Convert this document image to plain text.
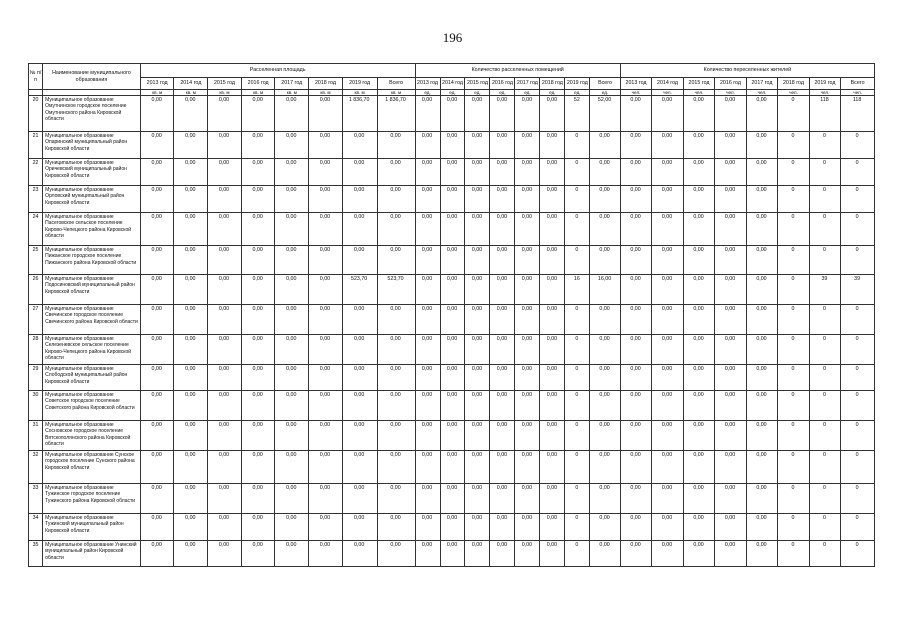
196
№ п/п	Наименование муниципального образования	Расселенная площадь								Количество расселенных помещений								Количество переселенных жителей							
		2013 год	2014 год	2015 год	2016 год	2017 год	2018 год	2019 год	Всего	2013 год	2014 год	2015 год	2016 год	2017 год	2018 год	2019 год	Всего	2013 год	2014 год	2015 год	2016 год	2017 год	2018 год	2019 год	Всего
		кв. м	кв. м	кв. м	кв. м	кв. м	кв. м	кв. м	кв. м	ед.	ед.	ед.	ед.	ед.	ед.	ед.	ед.	чел.	чел.	чел.	чел.	чел.	чел.	чел.	чел.
20	Муниципальное образование Омутнинское городское поселение Омутнинского района Кировской области	0,00	0,00	0,00	0,00	0,00	0,00	1 836,70	1 836,70	0,00	0,00	0,00	0,00	0,00	0,00	52	52,00	0,00	0,00	0,00	0,00	0,00	0	118	118
21	Муниципальное образование Опаринский муниципальный район Кировской области	0,00	0,00	0,00	0,00	0,00	0,00	0,00	0,00	0,00	0,00	0,00	0,00	0,00	0,00	0	0,00	0,00	0,00	0,00	0,00	0,00	0	0	0
22	Муниципальное образование Оричевский муниципальный район Кировской области	0,00	0,00	0,00	0,00	0,00	0,00	0,00	0,00	0,00	0,00	0,00	0,00	0,00	0,00	0	0,00	0,00	0,00	0,00	0,00	0,00	0	0	0
23	Муниципальное образование Орловский муниципальный район Кировской области	0,00	0,00	0,00	0,00	0,00	0,00	0,00	0,00	0,00	0,00	0,00	0,00	0,00	0,00	0	0,00	0,00	0,00	0,00	0,00	0,00	0	0	0
24	Муниципальное образование Пасеговское сельское поселение Кирово-Чепецкого района Кировской области	0,00	0,00	0,00	0,00	0,00	0,00	0,00	0,00	0,00	0,00	0,00	0,00	0,00	0,00	0	0,00	0,00	0,00	0,00	0,00	0,00	0	0	0
25	Муниципальное образование Пижанское городское поселение Пижанского района Кировской области	0,00	0,00	0,00	0,00	0,00	0,00	0,00	0,00	0,00	0,00	0,00	0,00	0,00	0,00	0	0,00	0,00	0,00	0,00	0,00	0,00	0	0	0
26	Муниципальное образование Подосиновский муниципальный район Кировской области	0,00	0,00	0,00	0,00	0,00	0,00	523,70	523,70	0,00	0,00	0,00	0,00	0,00	0,00	16	16,00	0,00	0,00	0,00	0,00	0,00	0	39	39
27	Муниципальное образование Свечинское городское поселение Свечинского района Кировской области	0,00	0,00	0,00	0,00	0,00	0,00	0,00	0,00	0,00	0,00	0,00	0,00	0,00	0,00	0	0,00	0,00	0,00	0,00	0,00	0,00	0	0	0
28	Муниципальное образование Селезеневское сельское поселение Кирово-Чепецкого района Кировской области	0,00	0,00	0,00	0,00	0,00	0,00	0,00	0,00	0,00	0,00	0,00	0,00	0,00	0,00	0	0,00	0,00	0,00	0,00	0,00	0,00	0	0	0
29	Муниципальное образование Слободской муниципальный район Кировской области	0,00	0,00	0,00	0,00	0,00	0,00	0,00	0,00	0,00	0,00	0,00	0,00	0,00	0,00	0	0,00	0,00	0,00	0,00	0,00	0,00	0	0	0
30	Муниципальное образование Советское городское поселение Советского района Кировской области	0,00	0,00	0,00	0,00	0,00	0,00	0,00	0,00	0,00	0,00	0,00	0,00	0,00	0,00	0	0,00	0,00	0,00	0,00	0,00	0,00	0	0	0
31	Муниципальное образование Сосновское городское поселение Вятскополянского района Кировской области	0,00	0,00	0,00	0,00	0,00	0,00	0,00	0,00	0,00	0,00	0,00	0,00	0,00	0,00	0	0,00	0,00	0,00	0,00	0,00	0,00	0	0	0
32	Муниципальное образование Сунское городское поселение Сунского района Кировской области	0,00	0,00	0,00	0,00	0,00	0,00	0,00	0,00	0,00	0,00	0,00	0,00	0,00	0,00	0	0,00	0,00	0,00	0,00	0,00	0,00	0	0	0
33	Муниципальное образование Тужинское городское поселение Тужинского района Кировской области	0,00	0,00	0,00	0,00	0,00	0,00	0,00	0,00	0,00	0,00	0,00	0,00	0,00	0,00	0	0,00	0,00	0,00	0,00	0,00	0,00	0	0	0
34	Муниципальное образование Тужинский муниципальный район Кировской области	0,00	0,00	0,00	0,00	0,00	0,00	0,00	0,00	0,00	0,00	0,00	0,00	0,00	0,00	0	0,00	0,00	0,00	0,00	0,00	0,00	0	0	0
35	Муниципальное образование Унинский муниципальный район Кировской области	0,00	0,00	0,00	0,00	0,00	0,00	0,00	0,00	0,00	0,00	0,00	0,00	0,00	0,00	0	0,00	0,00	0,00	0,00	0,00	0,00	0	0	0
